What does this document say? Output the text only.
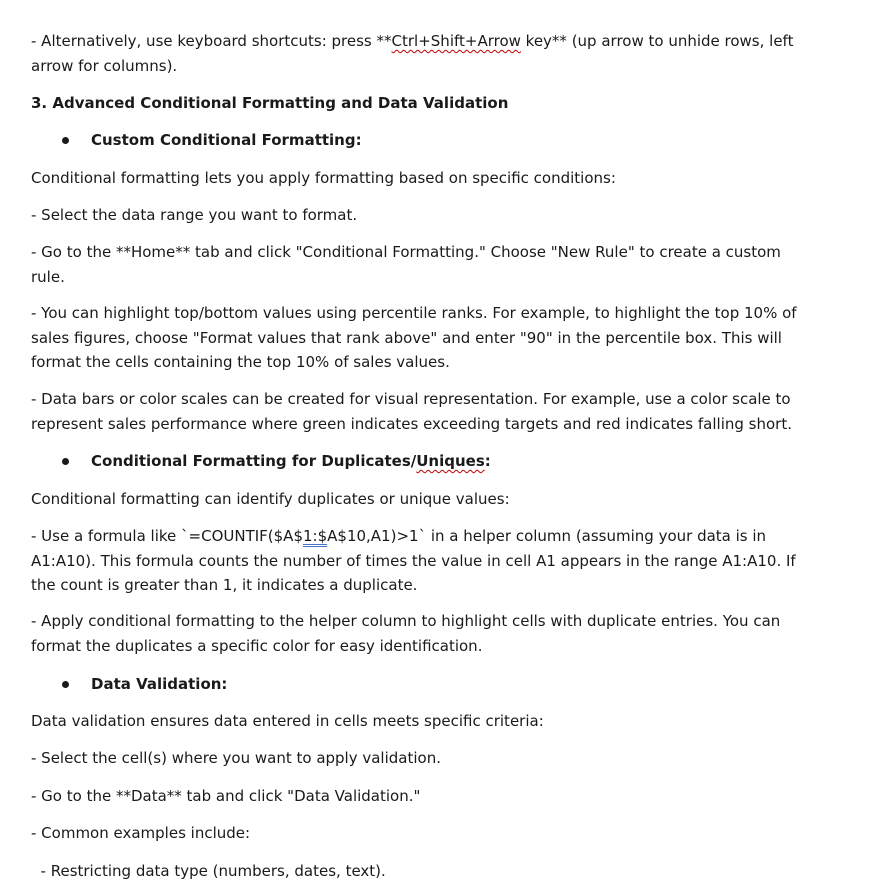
- Alternatively, use keyboard shortcuts: press **Ctrl+Shift+Arrow key** (up arrow to unhide rows, left
arrow for columns).
3. Advanced Conditional Formatting and Data Validation
Custom Conditional Formatting:
Conditional formatting lets you apply formatting based on specific conditions:
- Select the data range you want to format.
- Go to the **Home** tab and click "Conditional Formatting." Choose "New Rule" to create a custom
rule.
- You can highlight top/bottom values using percentile ranks. For example, to highlight the top 10% of
sales figures, choose "Format values that rank above" and enter "90" in the percentile box. This will
format the cells containing the top 10% of sales values.
- Data bars or color scales can be created for visual representation. For example, use a color scale to
represent sales performance where green indicates exceeding targets and red indicates falling short.
Conditional Formatting for Duplicates/Uniques:
Conditional formatting can identify duplicates or unique values:
- Use a formula like `=COUNTIF($A$1:$A$10,A1)>1` in a helper column (assuming your data is in
A1:A10). This formula counts the number of times the value in cell A1 appears in the range A1:A10. If
the count is greater than 1, it indicates a duplicate.
- Apply conditional formatting to the helper column to highlight cells with duplicate entries. You can
format the duplicates a specific color for easy identification.
Data Validation:
Data validation ensures data entered in cells meets specific criteria:
- Select the cell(s) where you want to apply validation.
- Go to the **Data** tab and click "Data Validation."
- Common examples include:
- Restricting data type (numbers, dates, text).
